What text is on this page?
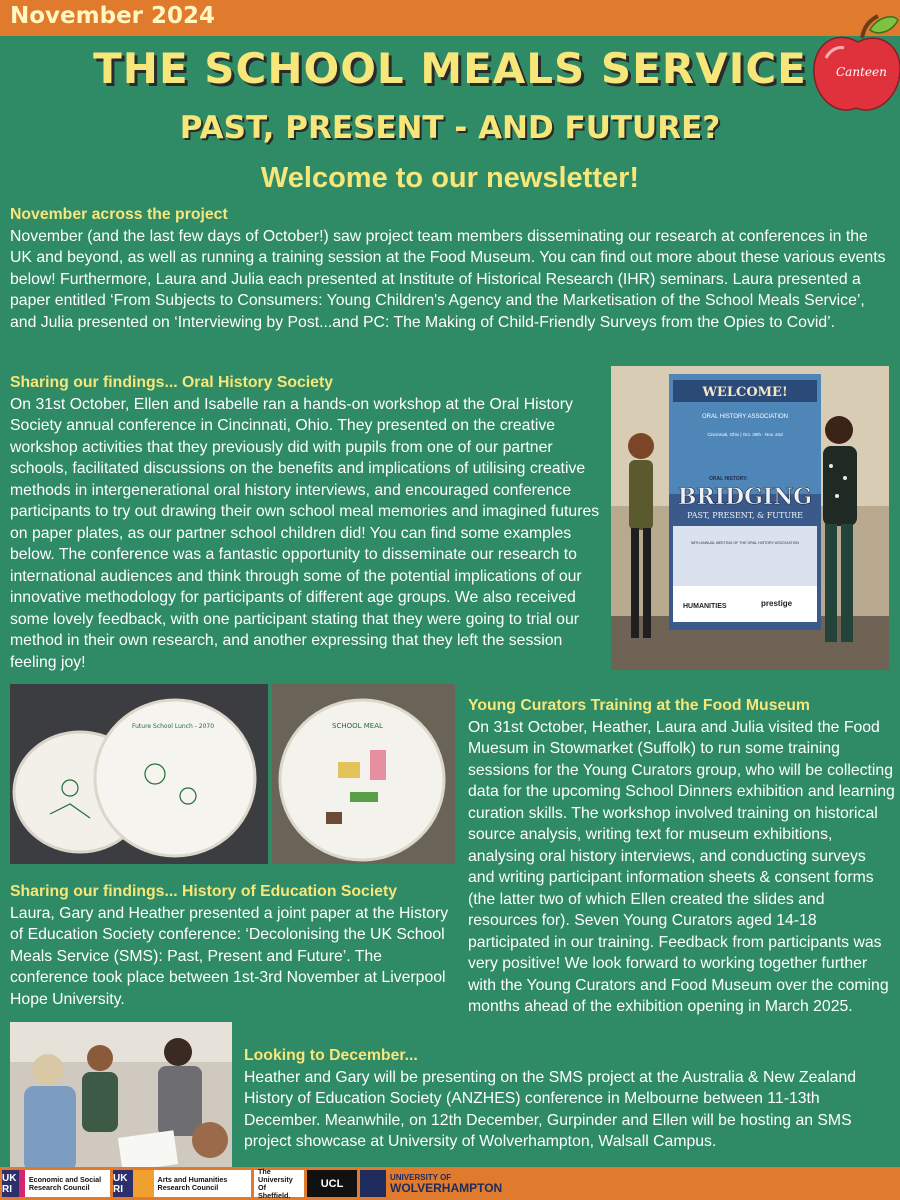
November 2024
Canteen
THE SCHOOL MEALS SERVICE
PAST, PRESENT - AND FUTURE?
Welcome to our newsletter!
November across the project
November (and the last few days of October!) saw project team members disseminating our research at conferences in the UK and beyond, as well as running a training session at the Food Museum. You can find out more about these various events below! Furthermore, Laura and Julia each presented at Institute of Historical Research (IHR) seminars. Laura presented a paper entitled ‘From Subjects to Consumers: Young Children's Agency and the Marketisation of the School Meals Service’, and Julia presented on ‘Interviewing by Post...and PC: The Making of Child-Friendly Surveys from the Opies to Covid’.
Sharing our findings... Oral History Society
On 31st October, Ellen and Isabelle ran a hands-on workshop at the Oral History Society annual conference in Cincinnati, Ohio. They presented on the creative workshop activities that they previously did with pupils from one of our partner schools, facilitated discussions on the benefits and implications of utilising creative methods in intergenerational oral history interviews, and encouraged conference participants to try out drawing their own school meal memories and imagined futures on paper plates, as our partner school children did! You can find some examples below. The conference was a fantastic opportunity to disseminate our research to international audiences and think through some of the potential implications of our innovative methodology for participants of different age groups. We also received some lovely feedback, with one participant stating that they were going to trial our method in their own research, and another expressing that they left the session feeling joy!
WELCOME!
ORAL HISTORY ASSOCIATION
Cincinnati, Ohio | Oct. 30th - Nov. 2nd
ORAL HISTORY:
BRIDGING
PAST, PRESENT, & FUTURE
58TH ANNUAL MEETING OF THE ORAL HISTORY ASSOCIATION
HUMANITIES	prestige
Future School Lunch - 2070	SCHOOL MEAL
Young Curators Training at the Food Museum
On 31st October, Heather, Laura and Julia visited the Food Muesum in Stowmarket (Suffolk) to run some training sessions for the Young Curators group, who will be collecting data for the upcoming School Dinners exhibition and learning curation skills. The workshop involved training on historical source analysis, writing text for museum exhibitions, analysing oral history interviews, and conducting surveys and writing participant information sheets & consent forms (the latter two of which Ellen created the slides and resources for). Seven Young Curators aged 14-18 participated in our training. Feedback from participants was very positive! We look forward to working together further with the Young Curators and Food Museum over the coming months ahead of the exhibition opening in March 2025.
Sharing our findings... History of Education Society
Laura, Gary and Heather presented a joint paper at the History of Education Society conference: ‘Decolonising the UK School Meals Service (SMS): Past, Present and Future’. The conference took place between 1st-3rd November at Liverpool Hope University.
Looking to December...
Heather and Gary will be presenting on the SMS project at the Australia & New Zealand History of Education Society (ANZHES) conference in Melbourne between 11-13th December. Meanwhile, on 12th December, Gurpinder and Ellen will be hosting an SMS project showcase at University of Wolverhampton, Walsall Campus.
UK RI
Economic and Social Research Council
UK RI
Arts and Humanities Research Council
The University Of Sheffield.
UCL	UNIVERSITY OF
WOLVERHAMPTON
